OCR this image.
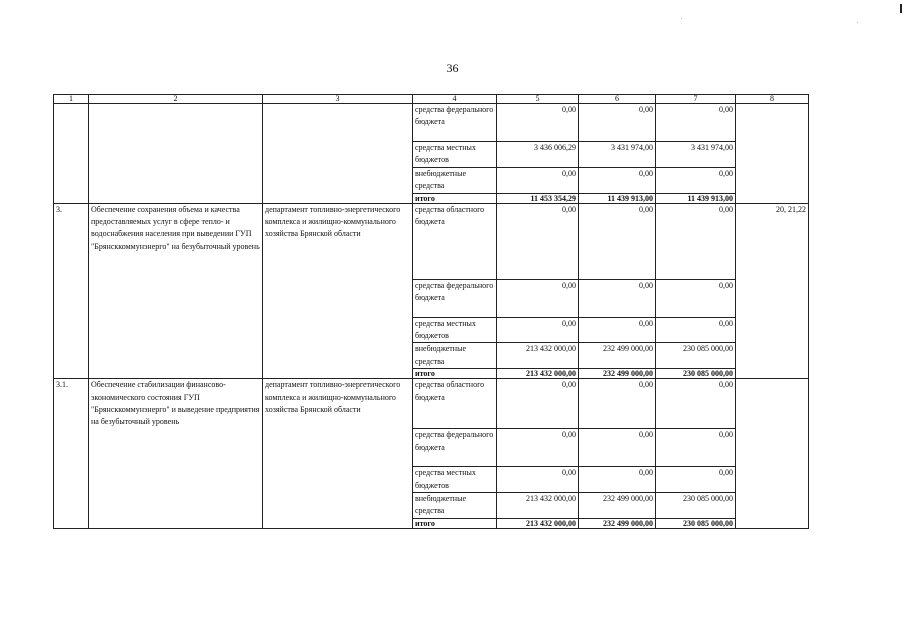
36
1	2	3	4	5	6	7	8
			средства федерального бюджета	0,00	0,00	0,00	
			средства местных бюджетов	3 436 006,29	3 431 974,00	3 431 974,00	
			внебюджетные средства	0,00	0,00	0,00	
			итого	11 453 354,29	11 439 913,00	11 439 913,00	
3.	Обеспечение сохранения объема и качества предоставляемых услуг в сфере тепло- и водоснабжения населения при выведении ГУП "Брянсккоммунэнерго" на безубыточный уровень	департамент топливно-энергетического комплекса и жилищно-коммунального хозяйства Брянской области	средства областного бюджета	0,00	0,00	0,00	20, 21,22
			средства федерального бюджета	0,00	0,00	0,00	
			средства местных бюджетов	0,00	0,00	0,00	
			внебюджетные средства	213 432 000,00	232 499 000,00	230 085 000,00	
			итого	213 432 000,00	232 499 000,00	230 085 000,00	
3.1.	Обеспечение стабилизации финансово-экономического состояния ГУП "Брянсккоммунэнерго" и выведение предприятия на безубыточный уровень	департамент топливно-энергетического комплекса и жилищно-коммунального хозяйства Брянской области	средства областного бюджета	0,00	0,00	0,00	
			средства федерального бюджета	0,00	0,00	0,00	
			средства местных бюджетов	0,00	0,00	0,00	
			внебюджетные средства	213 432 000,00	232 499 000,00	230 085 000,00	
			итого	213 432 000,00	232 499 000,00	230 085 000,00	
